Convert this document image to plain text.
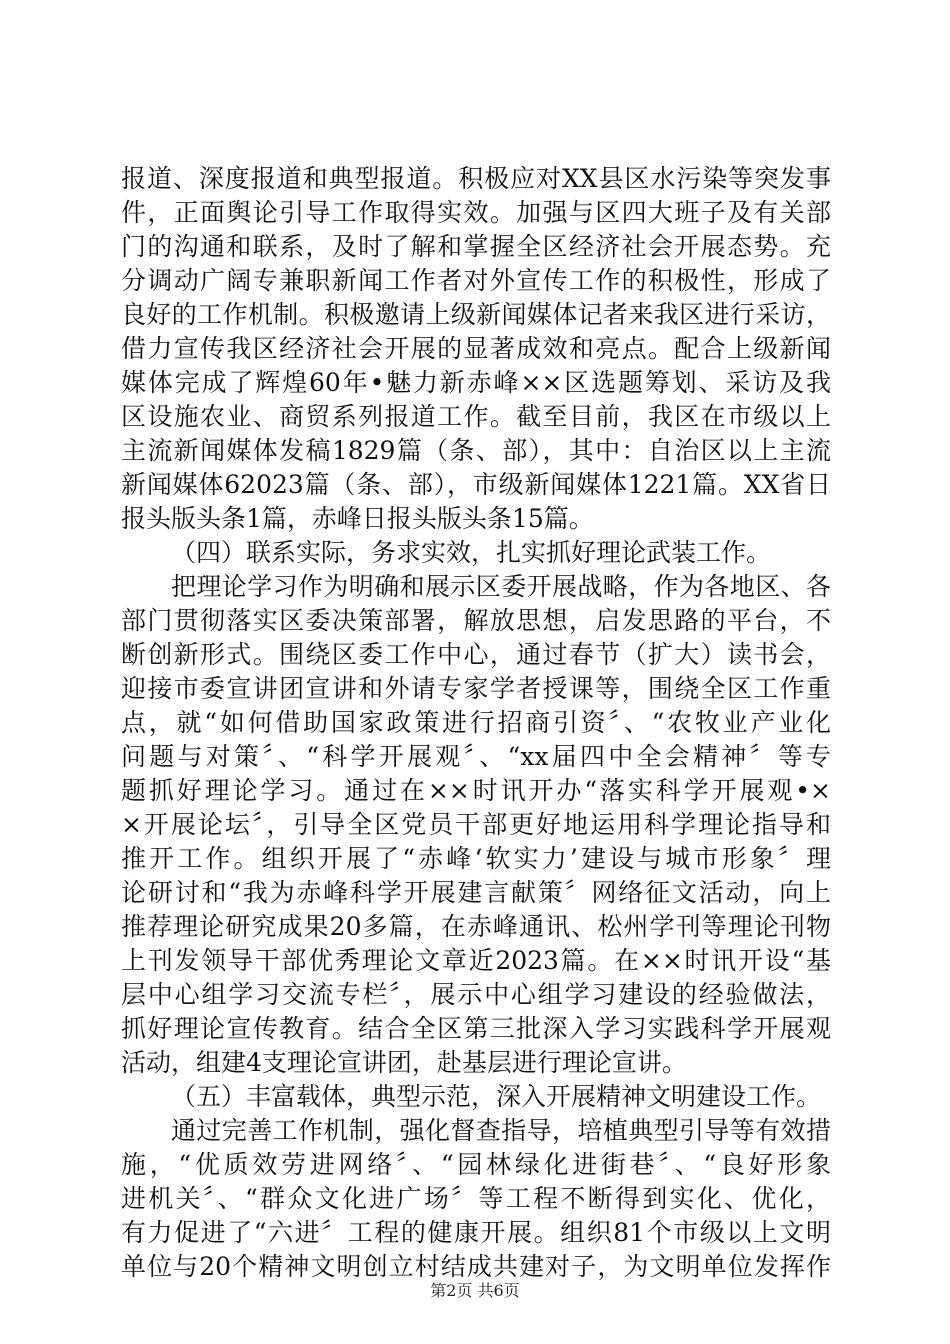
报道、深度报道和典型报道。积极应对XX县区水污染等突发事
件，正面舆论引导工作取得实效。加强与区四大班子及有关部
门的沟通和联系，及时了解和掌握全区经济社会开展态势。充
分调动广阔专兼职新闻工作者对外宣传工作的积极性，形成了
良好的工作机制。积极邀请上级新闻媒体记者来我区进行采访，
借力宣传我区经济社会开展的显著成效和亮点。配合上级新闻
媒体完成了辉煌60年•魅力新赤峰××区选题筹划、采访及我
区设施农业、商贸系列报道工作。截至目前，我区在市级以上
主流新闻媒体发稿1829篇（条、部），其中：自治区以上主流
新闻媒体62023篇（条、部），市级新闻媒体1221篇。XX省日
报头版头条1篇，赤峰日报头版头条15篇。
（四）联系实际，务求实效，扎实抓好理论武装工作。
把理论学习作为明确和展示区委开展战略，作为各地区、各
部门贯彻落实区委决策部署，解放思想，启发思路的平台，不
断创新形式。围绕区委工作中心，通过春节（扩大）读书会，
迎接市委宣讲团宣讲和外请专家学者授课等，围绕全区工作重
点，就“如何借助国家政策进行招商引资〞、“农牧业产业化
问题与对策〞、“科学开展观〞、“xx届四中全会精神〞等专
题抓好理论学习。通过在××时讯开办“落实科学开展观•×
×开展论坛〞，引导全区党员干部更好地运用科学理论指导和
推开工作。组织开展了“赤峰‘软实力’建设与城市形象〞理
论研讨和“我为赤峰科学开展建言献策〞网络征文活动，向上
推荐理论研究成果20多篇，在赤峰通讯、松州学刊等理论刊物
上刊发领导干部优秀理论文章近2023篇。在××时讯开设“基
层中心组学习交流专栏〞，展示中心组学习建设的经验做法，
抓好理论宣传教育。结合全区第三批深入学习实践科学开展观
活动，组建4支理论宣讲团，赴基层进行理论宣讲。
（五）丰富载体，典型示范，深入开展精神文明建设工作。
通过完善工作机制，强化督查指导，培植典型引导等有效措
施，“优质效劳进网络〞、“园林绿化进街巷〞、“良好形象
进机关〞、“群众文化进广场〞等工程不断得到实化、优化，
有力促进了“六进〞工程的健康开展。组织81个市级以上文明
单位与20个精神文明创立村结成共建对子，为文明单位发挥作
第2页 共6页
